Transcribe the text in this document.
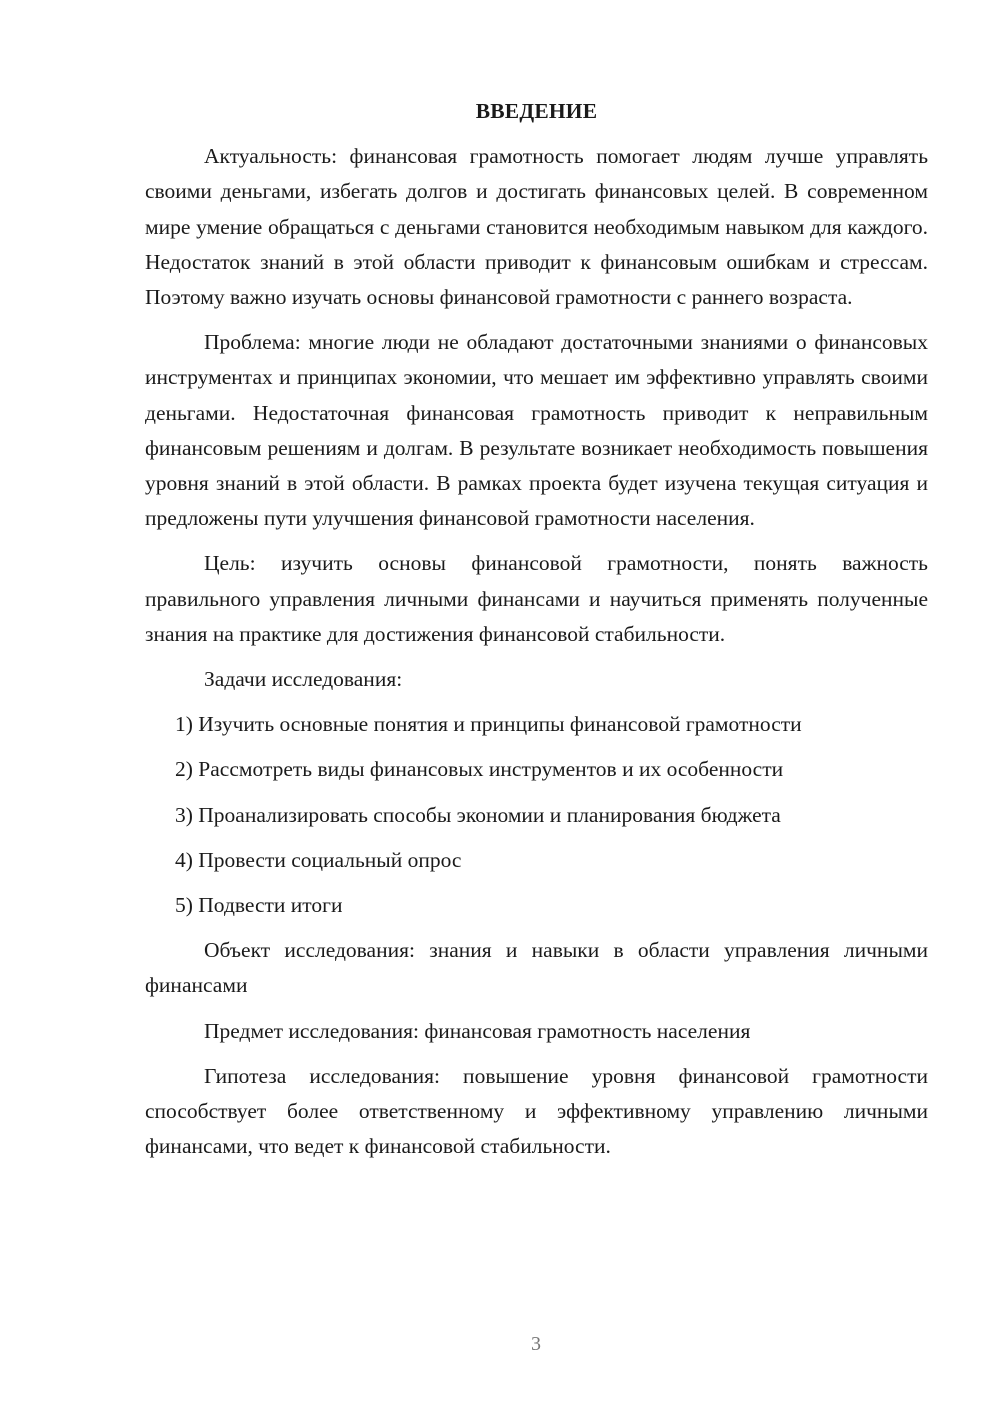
ВВЕДЕНИЕ

Актуальность: финансовая грамотность помогает людям лучше управлять своими деньгами, избегать долгов и достигать финансовых целей. В современном мире умение обращаться с деньгами становится необходимым навыком для каждого. Недостаток знаний в этой области приводит к финансовым ошибкам и стрессам. Поэтому важно изучать основы финансовой грамотности с раннего возраста.

Проблема: многие люди не обладают достаточными знаниями о финансовых инструментах и принципах экономии, что мешает им эффективно управлять своими деньгами. Недостаточная финансовая грамотность приводит к неправильным финансовым решениям и долгам. В результате возникает необходимость повышения уровня знаний в этой области. В рамках проекта будет изучена текущая ситуация и предложены пути улучшения финансовой грамотности населения.

Цель: изучить основы финансовой грамотности, понять важность правильного управления личными финансами и научиться применять полученные знания на практике для достижения финансовой стабильности.

Задачи исследования:
1) Изучить основные понятия и принципы финансовой грамотности
2) Рассмотреть виды финансовых инструментов и их особенности
3) Проанализировать способы экономии и планирования бюджета
4) Провести социальный опрос
5) Подвести итоги

Объект исследования: знания и навыки в области управления личными финансами

Предмет исследования: финансовая грамотность населения

Гипотеза исследования: повышение уровня финансовой грамотности способствует более ответственному и эффективному управлению личными финансами, что ведет к финансовой стабильности.

3
